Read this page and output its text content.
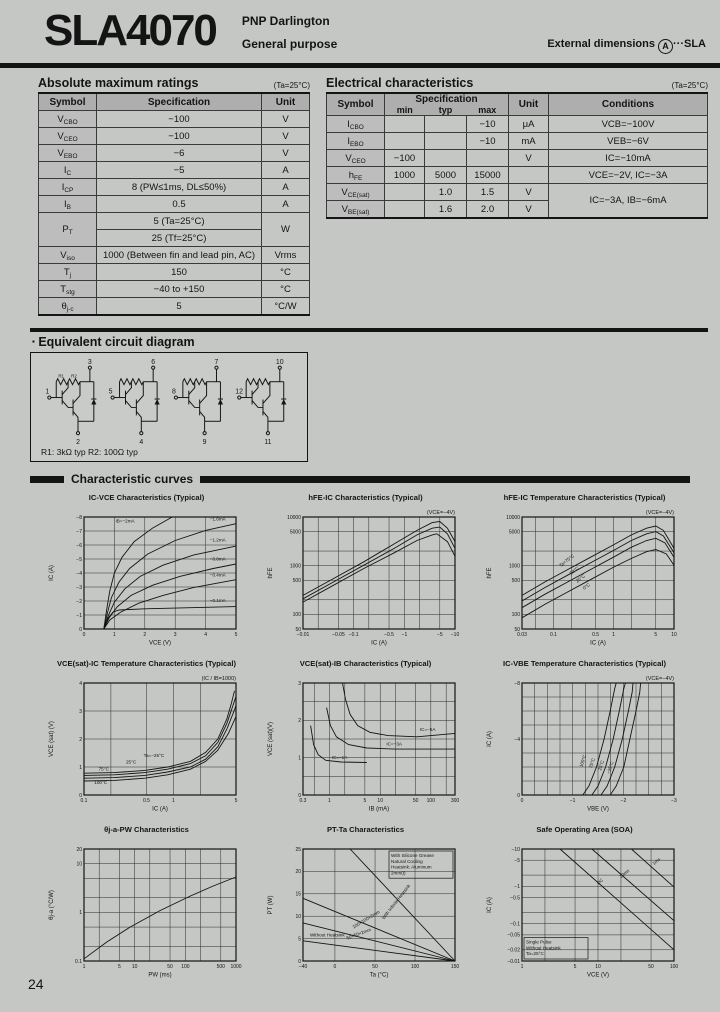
SLA4070 PNP Darlington
General purpose	External dimensions A ···SLA
Absolute maximum ratings	(Ta=25°C)
Symbol	Specification	Unit
$V_{CBO}$	−100	V
$V_{CEO}$	−100	V
$V_{EBO}$	−6	V
$I_C$	−5	A
$I_{CP}$	8 (PW≤1ms, DL≤50%)	A
$I_B$	0.5	A
$P_T$	5 (Ta=25°C)	W
	25 (Tf=25°C)	
$V_{iso}$	1000 (Between fin and lead pin, AC)	Vrms
$T_j$	150	°C
$T_{stg}$	−40 to +150	°C
$\theta_{j-c}$	5	°C/W
Electrical characteristics	(Ta=25°C)
Symbol	Specification			Unit	Conditions
	min	typ	max		
$I_{CBO}$			−10	μA	VCB=−100V
$I_{EBO}$			−10	mA	VEB=−6V
$V_{CEO}$	−100			V	IC=−10mA
$h_{FE}$	1000	5000	15000		VCE=−2V, IC=−3A
$V_{CE(sat)}$		1.0	1.5	V	IC=−3A, IB=−6mA
$V_{BE(sat)}$		1.6	2.0	V	
▪ Equivalent circuit diagram
3
1
2
R1 R2
6
5
4
7
8
9
10
12
11
R1: 3kΩ typ R2: 100Ω typ
Characteristic curves
IC-VCE Characteristics (Typical)
0	1	2	3	4	5
0
−1
−2
−3
−4
−5
−6
−7
−8
VCE (V)
IC (A)
IB=−2mA	−1.6mA
−1.2mA
−0.8mA
−0.4mA
−0.1mA
hFE-IC Characteristics (Typical)
−0.01	−0.05 −0.1	−0.5 −1	−5 −10
50
100
500
1000
5000
10000
IC (A)
hFE
(VCE=−4V)
hFE-IC Temperature Characteristics (Typical)
0.03	0.1	0.5	1	5	10
50
100
500
1000
5000
10000
IC (A)
hFE
(VCE=−4V)
Ta=75°C
50°C
25°C
0°C
VCE(sat)-IC Temperature Characteristics (Typical)
0.1	0.5	1	5
0
1
2
3
4
IC (A)
VCE (sat) (V)
(IC / IB=1000)
Ta=−25°C
25°C
75°C
100°C
VCE(sat)-IB Characteristics (Typical)
0.3	1	5 10	50 100	300
0
1
2
3
IB (mA)
VCE (sat)(V)	IC=−5A
IC=−3A
IC=−1A
IC-VBE Temperature Characteristics (Typical)
0	−1	−2	−3
0
−4
−8
VBE (V)
IC (A)
(VCE=−4V)
100°C 75°C 25°C −25°C
θj-a-PW Characteristics
1	5 10	50 100	500 1000
0.1
1
10
20
PW (ms)
θj-a (°C/W)
PT-Ta Characteristics
−40	0	50	100	150
0
5
10
15
20
25
Ta (°C)
PT (W)	With Infinite Heatsink
100×100×2mm
50×50×2mm
Without Heatsink
With Silicone Grease
Natural Cooling
Heatsink: Aluminum
2mm(t)
Safe Operating Area (SOA)
1	5	10	50	100
−0.01
−0.02
−0.05
−0.1
−0.5
−1
−5
−10
VCE (V)
IC (A)
DC
10ms
1ms
Single Pulse
Without Heatsink
Ta=25°C
24
